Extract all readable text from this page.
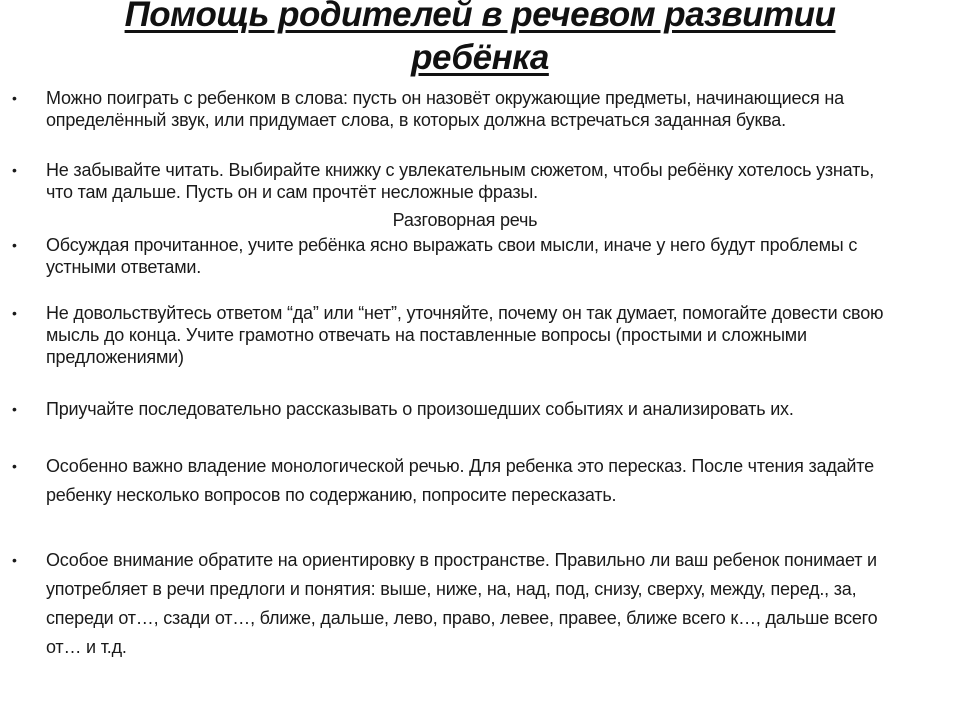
Помощь родителей в речевом развитии ребёнка
• Можно поиграть с ребенком в слова: пусть он назовёт окружающие предметы, начинающиеся на определённый звук, или придумает слова, в которых должна встречаться заданная буква.
• Не забывайте читать. Выбирайте книжку с увлекательным сюжетом, чтобы ребёнку хотелось узнать, что там дальше. Пусть он и сам прочтёт несложные фразы.
Разговорная речь
• Обсуждая прочитанное, учите ребёнка ясно выражать свои мысли, иначе у него будут проблемы с устными ответами.
• Не довольствуйтесь ответом “да” или “нет”, уточняйте, почему он так думает, помогайте довести свою мысль до конца. Учите грамотно отвечать на поставленные вопросы (простыми и сложными предложениями)
• Приучайте последовательно рассказывать о произошедших событиях и анализировать их.
• Особенно важно владение монологической речью. Для ребенка это пересказ. После чтения задайте ребенку несколько вопросов по содержанию, попросите пересказать.
• Особое внимание обратите на ориентировку в пространстве. Правильно ли ваш ребенок понимает и употребляет в речи предлоги и понятия: выше, ниже, на, над, под, снизу, сверху, между, перед., за, спереди от…, сзади от…, ближе, дальше, лево, право, левее, правее, ближе всего к…, дальше всего от… и т.д.
